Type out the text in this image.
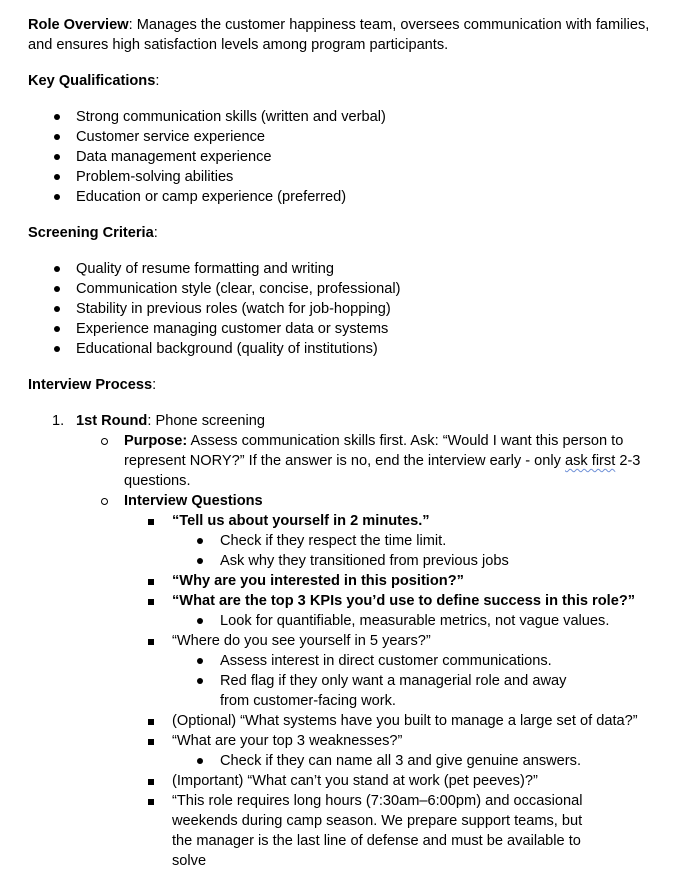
Role Overview: Manages the customer happiness team, oversees communication with families, and ensures high satisfaction levels among program participants.

Key Qualifications:

Strong communication skills (written and verbal)
Customer service experience
Data management experience
Problem-solving abilities
Education or camp experience (preferred)

Screening Criteria:

Quality of resume formatting and writing
Communication style (clear, concise, professional)
Stability in previous roles (watch for job-hopping)
Experience managing customer data or systems
Educational background (quality of institutions)

Interview Process:

1. 1st Round: Phone screening
Purpose: Assess communication skills first. Ask: “Would I want this person to represent NORY?” If the answer is no, end the interview early - only ask first 2-3 questions.
Interview Questions
“Tell us about yourself in 2 minutes.”
Check if they respect the time limit.
Ask why they transitioned from previous jobs
“Why are you interested in this position?”
“What are the top 3 KPIs you’d use to define success in this role?”
Look for quantifiable, measurable metrics, not vague values.
“Where do you see yourself in 5 years?”
Assess interest in direct customer communications.
Red flag if they only want a managerial role and away from customer-facing work.
(Optional) “What systems have you built to manage a large set of data?”
“What are your top 3 weaknesses?”
Check if they can name all 3 and give genuine answers.
(Important) “What can’t you stand at work (pet peeves)?”
“This role requires long hours (7:30am–6:00pm) and occasional weekends during camp season. We prepare support teams, but the manager is the last line of defense and must be available to solve
